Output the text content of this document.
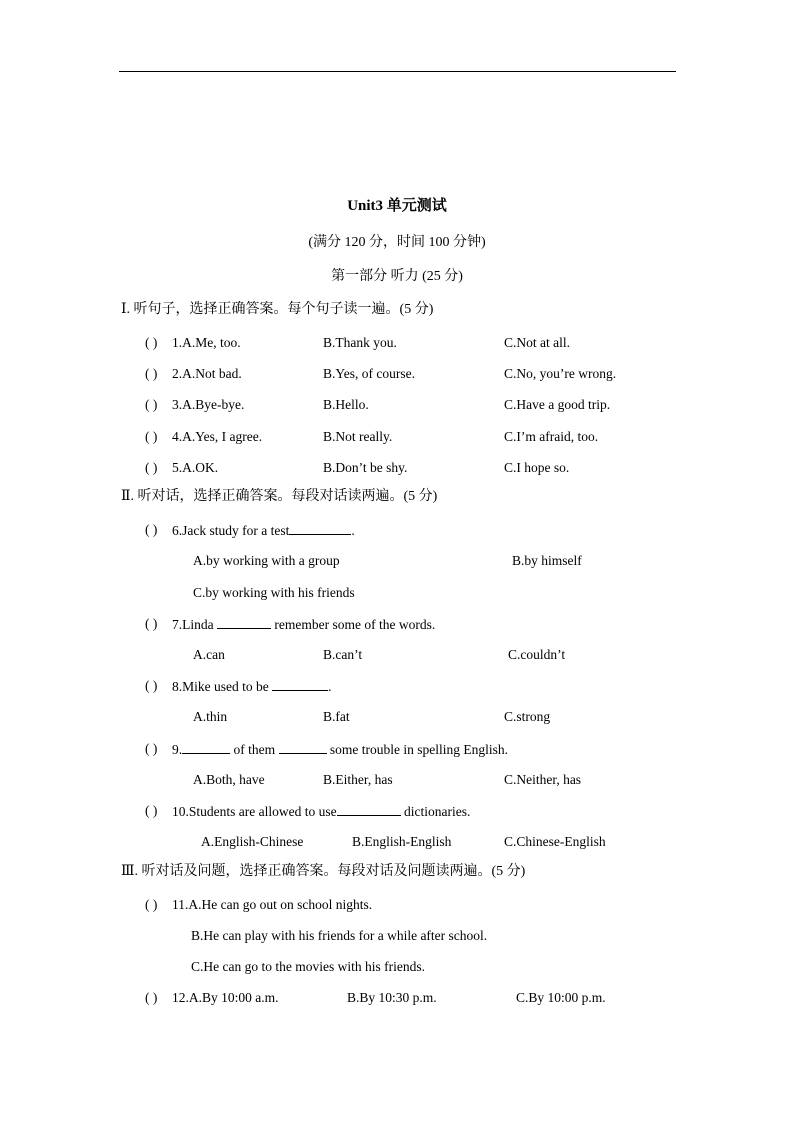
Unit3 单元测试
(满分 120 分，时间 100 分钟)
第一部分 听力 (25 分)
Ⅰ. 听句子，选择正确答案。每个句子读一遍。(5 分)
( ) 1.A.Me, too.	B.Thank you.	C.Not at all.
( ) 2.A.Not bad.	B.Yes, of course.	C.No, you’re wrong.
( ) 3.A.Bye-bye.	B.Hello.	C.Have a good trip.
( ) 4.A.Yes, I agree.	B.Not really.	C.I’m afraid, too.
( ) 5.A.OK.	B.Don’t be shy.	C.I hope so.
Ⅱ. 听对话，选择正确答案。每段对话读两遍。(5 分)
( ) 6.Jack study for a test	.
A.by working with a group	B.by himself
C.by working with his friends
( ) 7.Linda	remember some of the words.
A.can	B.can’t	C.couldn’t
( ) 8.Mike used to be	.
A.thin	B.fat	C.strong
( ) 9.	of them	some trouble in spelling English.
A.Both, have	B.Either, has	C.Neither, has
( ) 10.Students are allowed to use	dictionaries.
A.English-Chinese	B.English-English	C.Chinese-English
Ⅲ. 听对话及问题，选择正确答案。每段对话及问题读两遍。(5 分)
( ) 11.A.He can go out on school nights.
B.He can play with his friends for a while after school.
C.He can go to the movies with his friends.
( ) 12.A.By 10:00 a.m.	B.By 10:30 p.m.	C.By 10:00 p.m.
